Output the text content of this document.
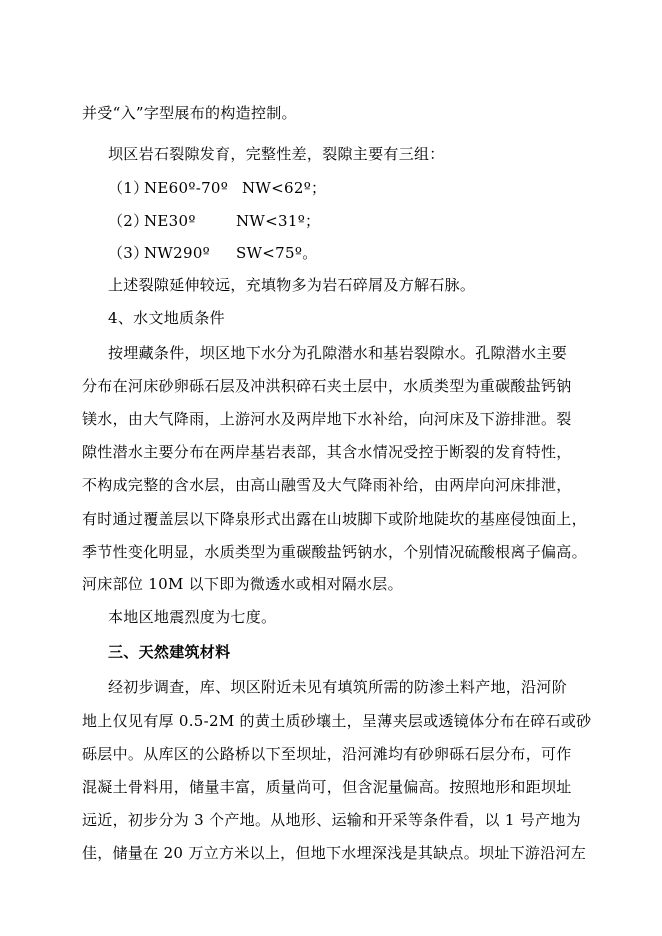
并受“入”字型展布的构造控制。
坝区岩石裂隙发育，完整性差，裂隙主要有三组：
（1）
NE60º-70º NW<62º；
（2）
NE30º	NW<31º；
（3）
NW290º SW<75º。
上述裂隙延伸较远，充填物多为岩石碎屑及方解石脉。
4、水文地质条件
按埋藏条件，坝区地下水分为孔隙潜水和基岩裂隙水。孔隙潜水主要
分布在河床砂卵砾石层及冲洪积碎石夹土层中，水质类型为重碳酸盐钙钠
镁水，由大气降雨，上游河水及两岸地下水补给，向河床及下游排泄。裂
隙性潜水主要分布在两岸基岩表部，其含水情况受控于断裂的发育特性，
不构成完整的含水层，由高山融雪及大气降雨补给，由两岸向河床排泄，
有时通过覆盖层以下降泉形式出露在山坡脚下或阶地陡坎的基座侵蚀面上，
季节性变化明显，水质类型为重碳酸盐钙钠水，个别情况硫酸根离子偏高。
河床部位 10M 以下即为微透水或相对隔水层。
本地区地震烈度为七度。
三、天然建筑材料
经初步调查，库、坝区附近未见有填筑所需的防渗土料产地，沿河阶
地上仅见有厚 0.5-2M 的黄土质砂壤土，呈薄夹层或透镜体分布在碎石或砂
砾层中。从库区的公路桥以下至坝址，沿河滩均有砂卵砾石层分布，可作
混凝土骨料用，储量丰富，质量尚可，但含泥量偏高。按照地形和距坝址
远近，初步分为 3 个产地。从地形、运输和开采等条件看，以 1 号产地为
佳，储量在 20 万立方米以上，但地下水埋深浅是其缺点。坝址下游沿河左
